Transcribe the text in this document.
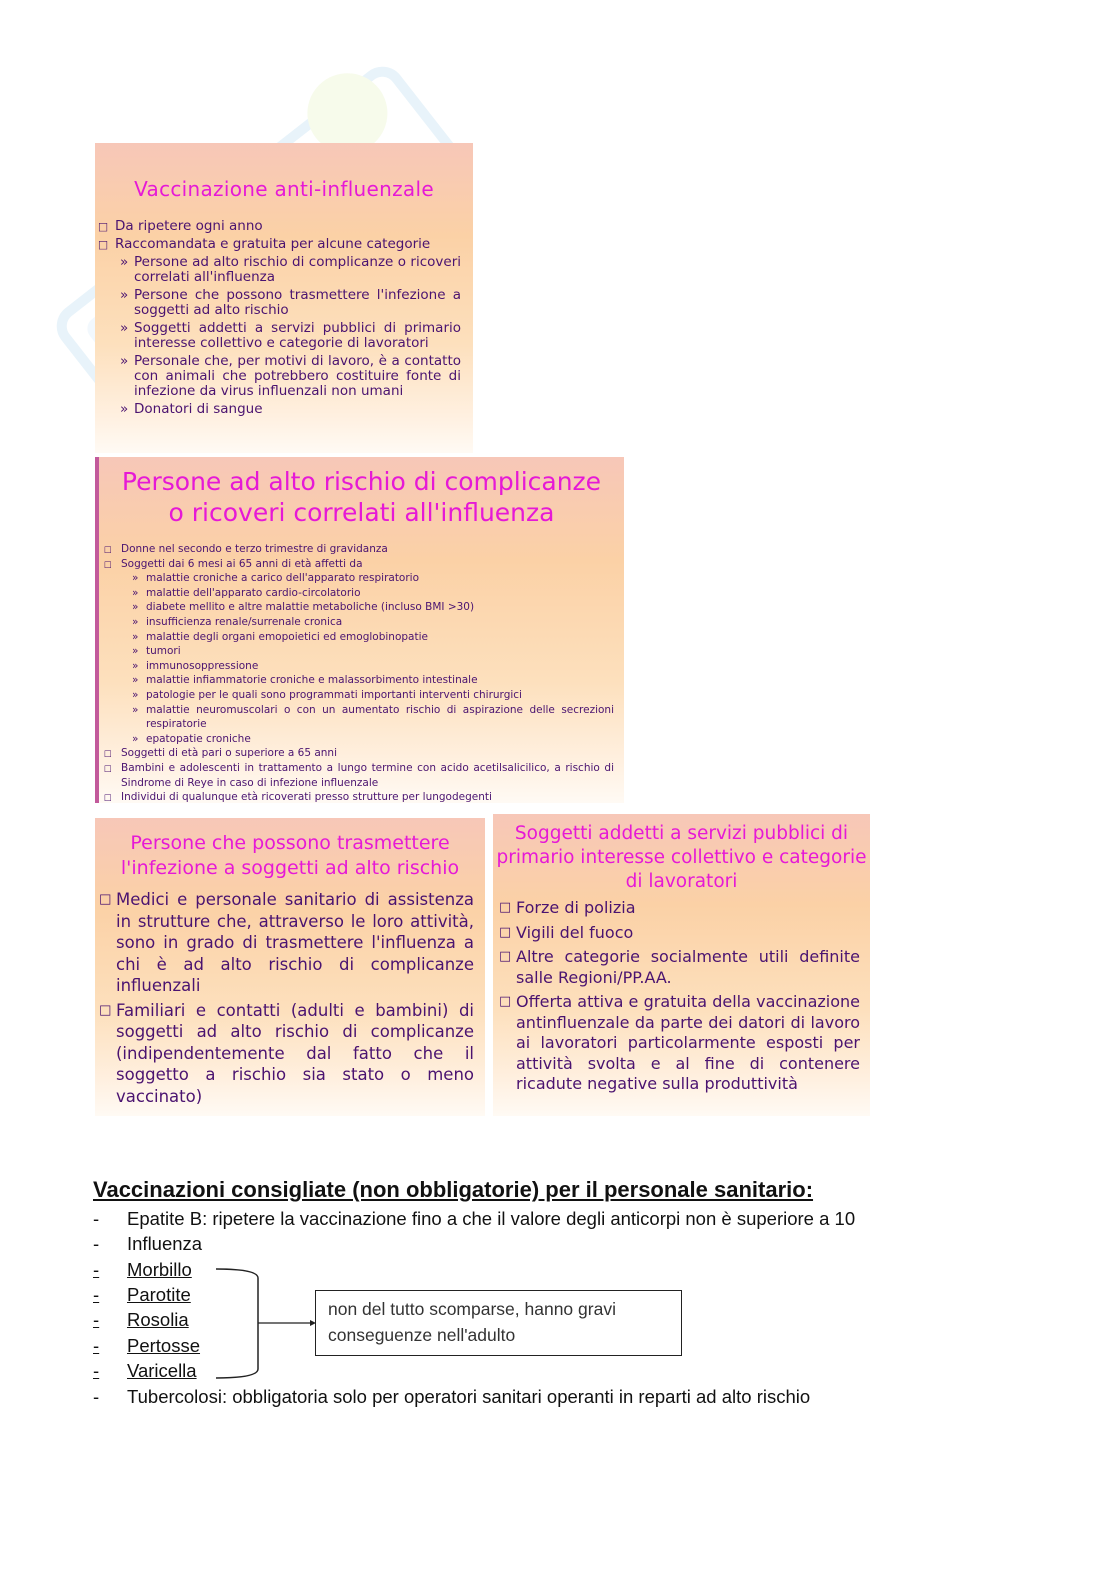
Vaccinazione anti-influenzale
□ Da ripetere ogni anno
□ Raccomandata e gratuita per alcune categorie
» Persone ad alto rischio di complicanze o ricoveri correlati all'influenza
» Persone che possono trasmettere l'infezione a soggetti ad alto rischio
» Soggetti addetti a servizi pubblici di primario interesse collettivo e categorie di lavoratori
» Personale che, per motivi di lavoro, è a contatto con animali che potrebbero costituire fonte di infezione da virus influenzali non umani
» Donatori di sangue
Persone ad alto rischio di complicanze
o ricoveri correlati all'influenza
□ Donne nel secondo e terzo trimestre di gravidanza
□ Soggetti dai 6 mesi ai 65 anni di età affetti da
» malattie croniche a carico dell'apparato respiratorio
» malattie dell'apparato cardio-circolatorio
» diabete mellito e altre malattie metaboliche (incluso BMI >30)
» insufficienza renale/surrenale cronica
» malattie degli organi emopoietici ed emoglobinopatie
» tumori
» immunosoppressione
» malattie infiammatorie croniche e malassorbimento intestinale
» patologie per le quali sono programmati importanti interventi chirurgici
» malattie neuromuscolari o con un aumentato rischio di aspirazione delle secrezioni respiratorie
» epatopatie croniche
□ Soggetti di età pari o superiore a 65 anni
□ Bambini e adolescenti in trattamento a lungo termine con acido acetilsalicilico, a rischio di Sindrome di Reye in caso di infezione influenzale
□ Individui di qualunque età ricoverati presso strutture per lungodegenti
Persone che possono trasmettere
l'infezione a soggetti ad alto rischio
□ Medici e personale sanitario di assistenza in strutture che, attraverso le loro attività, sono in grado di trasmettere l'influenza a chi è ad alto rischio di complicanze influenzali
□ Familiari e contatti (adulti e bambini) di soggetti ad alto rischio di complicanze (indipendentemente dal fatto che il soggetto a rischio sia stato o meno vaccinato)
Soggetti addetti a servizi pubblici di primario interesse collettivo e categorie di lavoratori
□ Forze di polizia
□ Vigili del fuoco
□ Altre categorie socialmente utili definite salle Regioni/PP.AA.
□ Offerta attiva e gratuita della vaccinazione antinfluenzale da parte dei datori di lavoro ai lavoratori particolarmente esposti per attività svolta e al fine di contenere ricadute negative sulla produttività
Vaccinazioni consigliate (non obbligatorie) per il personale sanitario:
- Epatite B: ripetere la vaccinazione fino a che il valore degli anticorpi non è superiore a 10
- Influenza
-	Morbillo
-	Parotite
-	Rosolia
-	Pertosse
-	Varicella
- Tubercolosi: obbligatoria solo per operatori sanitari operanti in reparti ad alto rischio
non del tutto scomparse, hanno gravi
conseguenze nell'adulto
